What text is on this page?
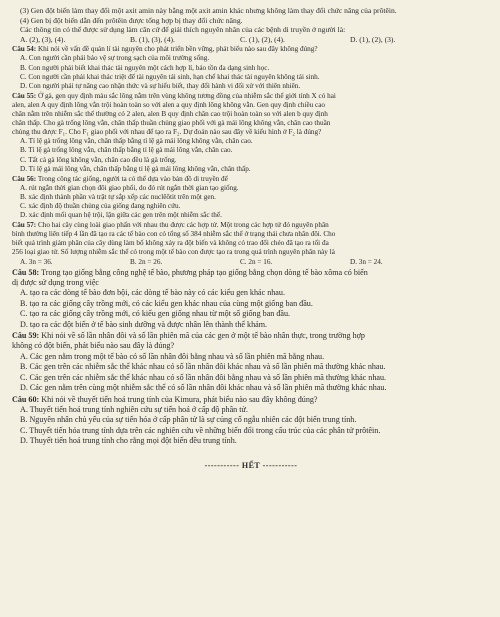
(3) Gen đột biến làm thay đổi một axit amin này bằng một axit amin khác nhưng không làm thay đổi chức năng của prôtêin.

(4) Gen bị đột biến dẫn đến prôtêin được tổng hợp bị thay đổi chức năng.

Các thông tin có thể được sử dụng làm căn cứ để giải thích nguyên nhân của các bệnh di truyền ở người là:

A. (2), (3), (4).	B. (1), (3), (4).	C. (1), (2), (4).	D. (1), (2), (3).

Câu 54: Khi nói về vấn đề quản lí tài nguyên cho phát triển bền vững, phát biểu nào sau đây không đúng?

A. Con người cần phải bảo vệ sự trong sạch của môi trường sống.

B. Con người phải biết khai thác tài nguyên một cách hợp lí, bảo tồn đa dạng sinh học.

C. Con người cần phải khai thác triệt để tài nguyên tái sinh, hạn chế khai thác tài nguyên không tái sinh.

D. Con người phải tự nâng cao nhận thức và sự hiểu biết, thay đổi hành vi đối xử với thiên nhiên.

Câu 55: Ở gà, gen quy định màu sắc lông nằm trên vùng không tương đồng của nhiễm sắc thể giới tính X có hai

alen, alen A quy định lông vằn trội hoàn toàn so với alen a quy định lông không vằn. Gen quy định chiều cao

chân nằm trên nhiễm sắc thể thường có 2 alen, alen B quy định chân cao trội hoàn toàn so với alen b quy định

chân thấp. Cho gà trống lông vằn, chân thấp thuần chủng giao phối với gà mái lông không vằn, chân cao thuần

chủng thu được F₁. Cho F₁ giao phối với nhau để tạo ra F₂. Dự đoán nào sau đây về kiểu hình ở F₂ là đúng?

A. Tỉ lệ gà trống lông vằn, chân thấp bằng tỉ lệ gà mái lông không vằn, chân cao.

B. Tỉ lệ gà trống lông vằn, chân thấp bằng tỉ lệ gà mái lông vằn, chân cao.

C. Tất cả gà lông không vằn, chân cao đều là gà trống.

D. Tỉ lệ gà mái lông vằn, chân thấp bằng tỉ lệ gà mái lông không vằn, chân thấp.

Câu 56: Trong công tác giống, người ta có thể dựa vào bản đồ di truyền để

A. rút ngắn thời gian chọn đôi giao phối, do đó rút ngắn thời gian tạo giống.

B. xác định thành phần và trật tự sắp xếp các nuclêôtit trên một gen.

C. xác định độ thuần chủng của giống đang nghiên cứu.

D. xác định mối quan hệ trội, lặn giữa các gen trên một nhiễm sắc thể.

Câu 57: Cho hai cây cùng loài giao phấn với nhau thu được các hợp tử. Một trong các hợp tử đó nguyên phân

bình thường liên tiếp 4 lần đã tạo ra các tế bào con có tổng số 384 nhiễm sắc thể ở trạng thái chưa nhân đôi. Cho

biết quá trình giảm phân của cây dùng làm bố không xảy ra đột biến và không có trao đổi chéo đã tạo ra tối đa

256 loại giao tử. Số lượng nhiễm sắc thể có trong một tế bào con được tạo ra trong quá trình nguyên phân này là

A. 3n = 36.	B. 2n = 26.	C. 2n = 16.	D. 3n = 24.

Câu 58: Trong tạo giống bằng công nghệ tế bào, phương pháp tạo giống bằng chọn dòng tế bào xôma có biến

dị được sử dụng trong việc

A. tạo ra các dòng tế bào đơn bội, các dòng tế bào này có các kiểu gen khác nhau.

B. tạo ra các giống cây trồng mới, có các kiểu gen khác nhau của cùng một giống ban đầu.

C. tạo ra các giống cây trồng mới, có kiểu gen giống nhau từ một số giống ban đầu.

D. tạo ra các đột biến ở tế bào sinh dưỡng và được nhân lên thành thể khảm.

Câu 59: Khi nói về số lần nhân đôi và số lần phiên mã của các gen ở một tế bào nhân thực, trong trường hợp

không có đột biến, phát biểu nào sau đây là đúng?

A. Các gen nằm trong một tế bào có số lần nhân đôi bằng nhau và số lần phiên mã bằng nhau.

B. Các gen trên các nhiễm sắc thể khác nhau có số lần nhân đôi khác nhau và số lần phiên mã thường khác nhau.

C. Các gen trên các nhiễm sắc thể khác nhau có số lần nhân đôi bằng nhau và số lần phiên mã thường khác nhau.

D. Các gen nằm trên cùng một nhiễm sắc thể có số lần nhân đôi khác nhau và số lần phiên mã thường khác nhau.

Câu 60: Khi nói về thuyết tiến hoá trung tính của Kimura, phát biểu nào sau đây không đúng?

A. Thuyết tiến hoá trung tính nghiên cứu sự tiến hoá ở cấp độ phân tử.

B. Nguyên nhân chủ yếu của sự tiến hóa ở cấp phân tử là sự củng cố ngẫu nhiên các đột biến trung tính.

C. Thuyết tiến hóa trung tính dựa trên các nghiên cứu về những biến đổi trong cấu trúc của các phân tử prôtêin.

D. Thuyết tiến hoá trung tính cho rằng mọi đột biến đều trung tính.

----------- HẾT -----------
